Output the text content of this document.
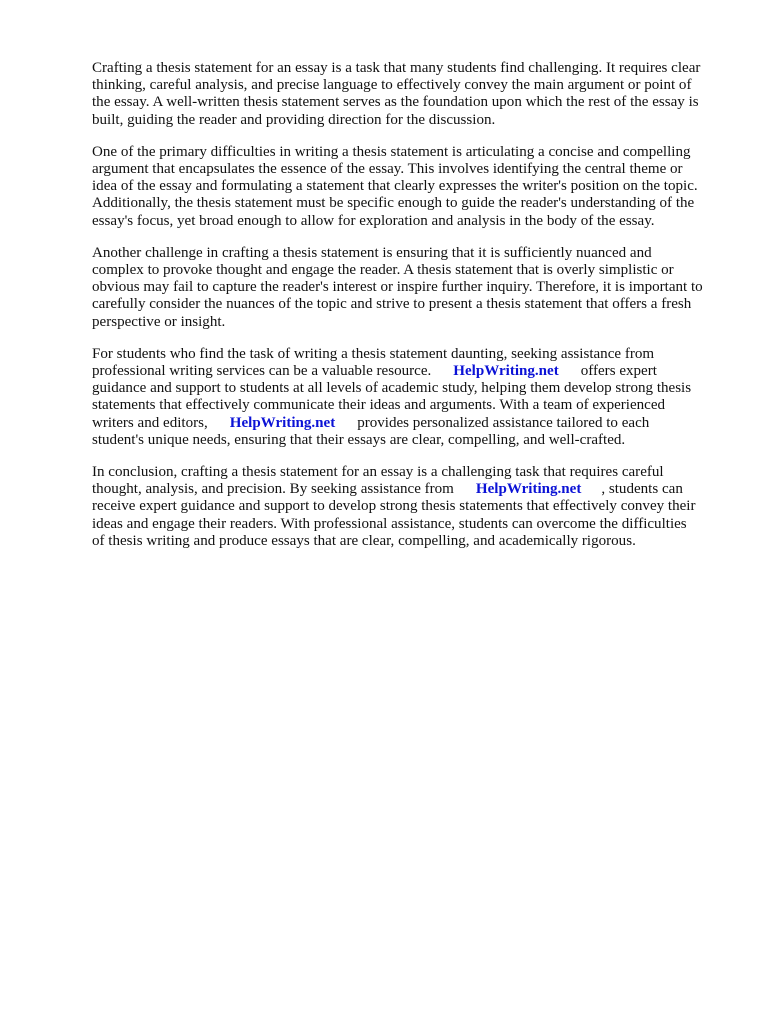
Crafting a thesis statement for an essay is a task that many students find challenging. It requires clear
thinking, careful analysis, and precise language to effectively convey the main argument or point of
the essay. A well-written thesis statement serves as the foundation upon which the rest of the essay is
built, guiding the reader and providing direction for the discussion.

One of the primary difficulties in writing a thesis statement is articulating a concise and compelling
argument that encapsulates the essence of the essay. This involves identifying the central theme or
idea of the essay and formulating a statement that clearly expresses the writer's position on the topic.
Additionally, the thesis statement must be specific enough to guide the reader's understanding of the
essay's focus, yet broad enough to allow for exploration and analysis in the body of the essay.

Another challenge in crafting a thesis statement is ensuring that it is sufficiently nuanced and
complex to provoke thought and engage the reader. A thesis statement that is overly simplistic or
obvious may fail to capture the reader's interest or inspire further inquiry. Therefore, it is important to
carefully consider the nuances of the topic and strive to present a thesis statement that offers a fresh
perspective or insight.

For students who find the task of writing a thesis statement daunting, seeking assistance from
professional writing services can be a valuable resource. HelpWriting.net offers expert
guidance and support to students at all levels of academic study, helping them develop strong thesis
statements that effectively communicate their ideas and arguments. With a team of experienced
writers and editors, HelpWriting.net provides personalized assistance tailored to each
student's unique needs, ensuring that their essays are clear, compelling, and well-crafted.

In conclusion, crafting a thesis statement for an essay is a challenging task that requires careful
thought, analysis, and precision. By seeking assistance from HelpWriting.net , students can
receive expert guidance and support to develop strong thesis statements that effectively convey their
ideas and engage their readers. With professional assistance, students can overcome the difficulties
of thesis writing and produce essays that are clear, compelling, and academically rigorous.
